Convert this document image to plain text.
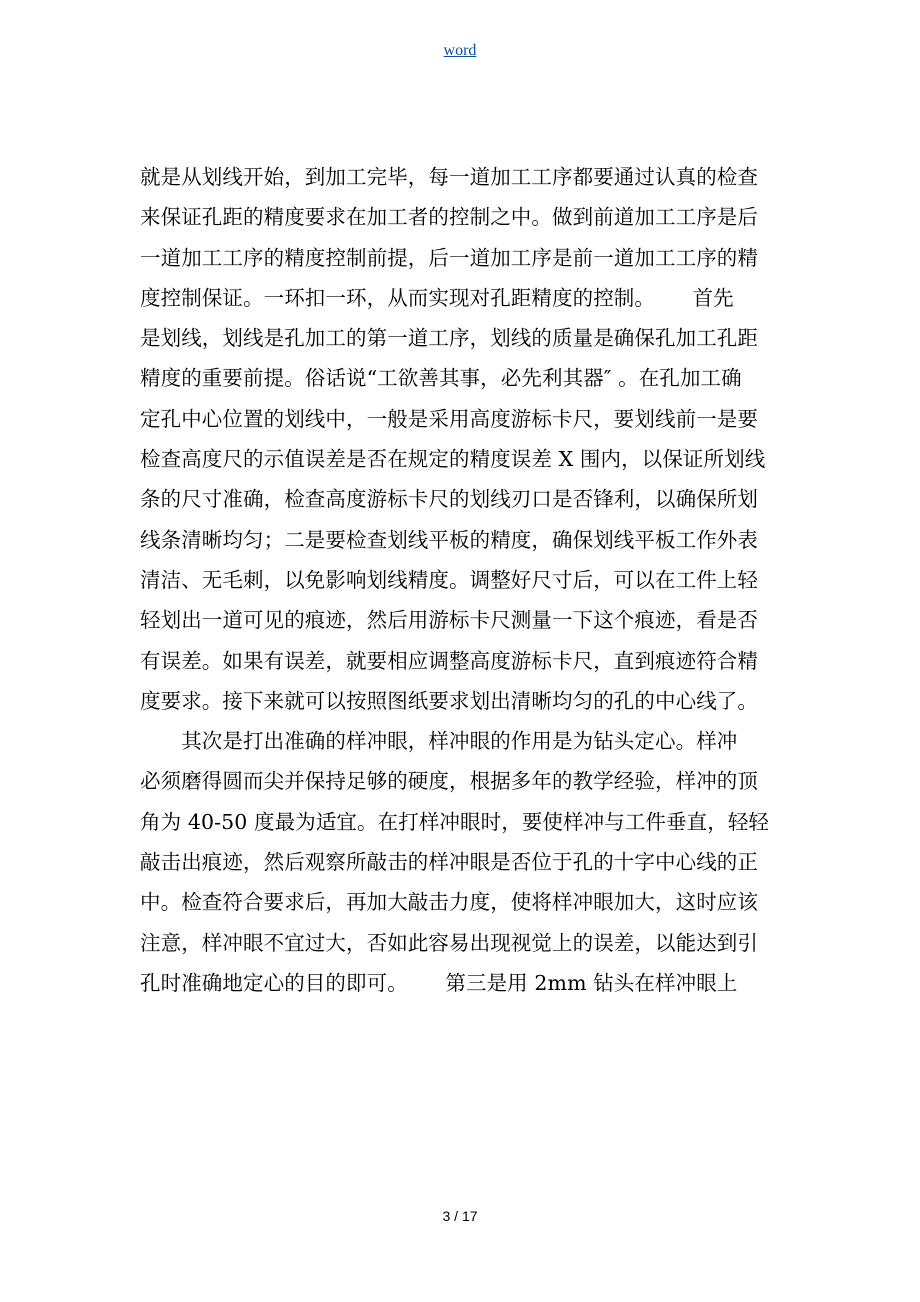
word
就是从划线开始，到加工完毕，每一道加工工序都要通过认真的检查
来保证孔距的精度要求在加工者的控制之中。做到前道加工工序是后
一道加工工序的精度控制前提，后一道加工序是前一道加工工序的精
度控制保证。一环扣一环，从而实现对孔距精度的控制。　　 首先
是划线，划线是孔加工的第一道工序，划线的质量是确保孔加工孔距
精度的重要前提。俗话说“工欲善其事，必先利其器″ 。在孔加工确
定孔中心位置的划线中，一般是采用高度游标卡尺，要划线前一是要
检查高度尺的示值误差是否在规定的精度误差 X 围内，以保证所划线
条的尺寸准确，检查高度游标卡尺的划线刃口是否锋利，以确保所划
线条清晰均匀；二是要检查划线平板的精度，确保划线平板工作外表
清洁、无毛刺，以免影响划线精度。调整好尺寸后，可以在工件上轻
轻划出一道可见的痕迹，然后用游标卡尺测量一下这个痕迹，看是否
有误差。如果有误差，就要相应调整高度游标卡尺，直到痕迹符合精
度要求。接下来就可以按照图纸要求划出清晰均匀的孔的中心线了。
　　其次是打出准确的样冲眼，样冲眼的作用是为钻头定心。样冲
必须磨得圆而尖并保持足够的硬度，根据多年的教学经验，样冲的顶
角为 40-50 度最为适宜。在打样冲眼时，要使样冲与工件垂直，轻轻
敲击出痕迹，然后观察所敲击的样冲眼是否位于孔的十字中心线的正
中。检查符合要求后，再加大敲击力度，使将样冲眼加大，这时应该
注意，样冲眼不宜过大，否如此容易出现视觉上的误差，以能达到引
孔时准确地定心的目的即可。　　 第三是用 2mm 钻头在样冲眼上
3 / 17
